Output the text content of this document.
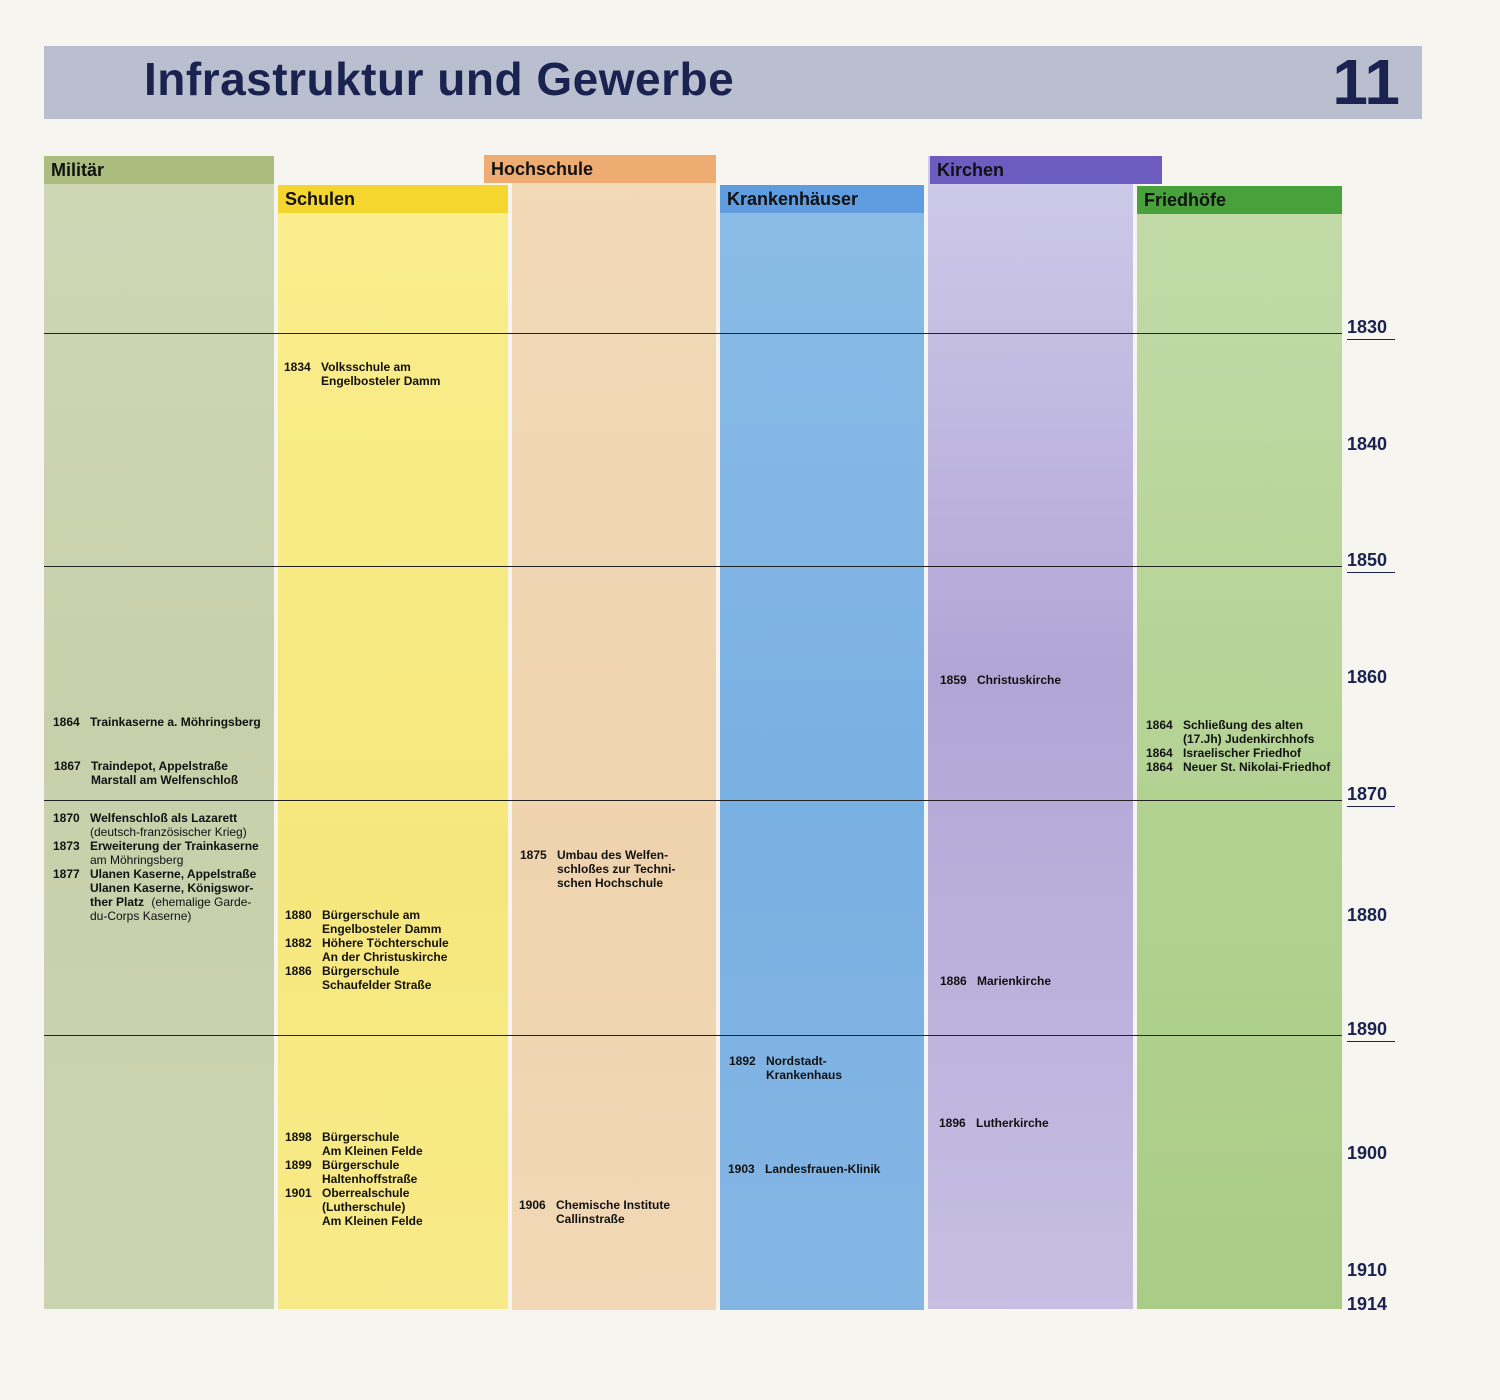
Infrastruktur und Gewerbe	11
Militär
Schulen
Hochschule
Krankenhäuser
Kirchen
Friedhöfe
1830
1840
1850
1860
1870
1880
1890
1900
1910
1914
1864 Trainkaserne a. Möhringsberg
1867 Traindepot, Appelstraße
Marstall am Welfenschloß
1870 Welfenschloß als Lazarett
(deutsch-französischer Krieg)
1873 Erweiterung der Trainkaserne
am Möhringsberg
1877 Ulanen Kaserne, Appelstraße
Ulanen Kaserne, Königswor-
ther Platz (ehemalige Garde-
du-Corps Kaserne)
1834 Volksschule am
Engelbosteler Damm
1880 Bürgerschule am
Engelbosteler Damm
1882 Höhere Töchterschule
An der Christuskirche
1886 Bürgerschule
Schaufelder Straße
1898 Bürgerschule
Am Kleinen Felde
1899 Bürgerschule
Haltenhoffstraße
1901 Oberrealschule
(Lutherschule)
Am Kleinen Felde
1875 Umbau des Welfen-
schloßes zur Techni-
schen Hochschule
1906 Chemische Institute
Callinstraße
1892 Nordstadt-
Krankenhaus
1903 Landesfrauen-Klinik
1859 Christuskirche
1886 Marienkirche
1896 Lutherkirche
1864 Schließung des alten
(17.Jh) Judenkirchhofs
1864 Israelischer Friedhof
1864 Neuer St. Nikolai-Friedhof
